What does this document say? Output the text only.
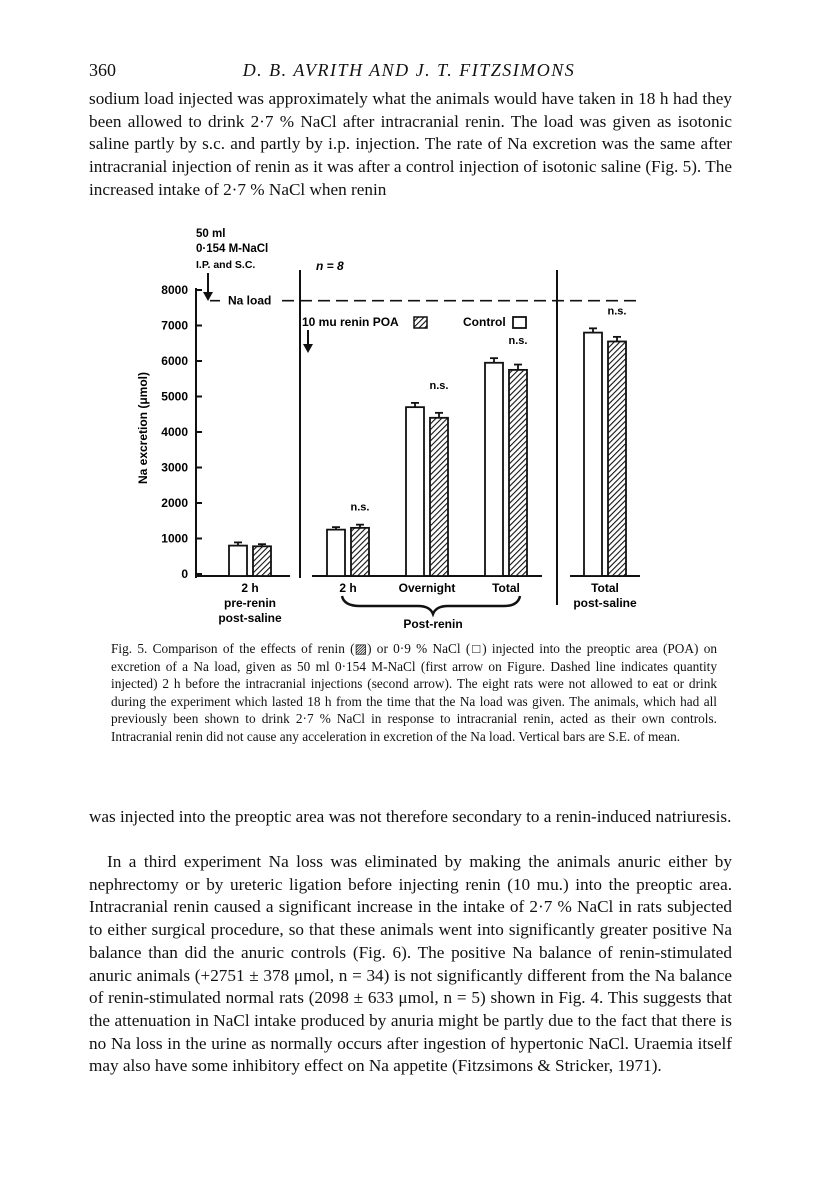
360	D. B. AVRITH AND J. T. FITZSIMONS

sodium load injected was approximately what the animals would have taken in 18 h had they been allowed to drink 2·7 % NaCl after intracranial renin. The load was given as isotonic saline partly by s.c. and partly by i.p. injection. The rate of Na excretion was the same after intracranial injection of renin as it was after a control injection of isotonic saline (Fig. 5). The increased intake of 2·7 % NaCl when renin

50 ml
0·154 M-NaCl
I.P. and S.C.	n = 8
Na load
0
1000
2000
3000
4000
5000
6000
7000
8000
Na excretion (μmol)
10 mu renin POA	Control
2 h
pre-renin
post-saline
n.s.
2 h
n.s.
Overnight
n.s.
Total
n.s.
Total
post-saline
Post-renin

Fig. 5. Comparison of the effects of renin (▨) or 0·9 % NaCl (□) injected into the preoptic area (POA) on excretion of a Na load, given as 50 ml 0·154 M-NaCl (first arrow on Figure. Dashed line indicates quantity injected) 2 h before the intracranial injections (second arrow). The eight rats were not allowed to eat or drink during the experiment which lasted 18 h from the time that the Na load was given. The animals, which had all previously been shown to drink 2·7 % NaCl in response to intracranial renin, acted as their own controls. Intracranial renin did not cause any acceleration in excretion of the Na load. Vertical bars are S.E. of mean.

was injected into the preoptic area was not therefore secondary to a renin-induced natriuresis.

In a third experiment Na loss was eliminated by making the animals anuric either by nephrectomy or by ureteric ligation before injecting renin (10 mu.) into the preoptic area. Intracranial renin caused a significant increase in the intake of 2·7 % NaCl in rats subjected to either surgical procedure, so that these animals went into significantly greater positive Na balance than did the anuric controls (Fig. 6). The positive Na balance of renin-stimulated anuric animals (+2751 ± 378 μmol, n = 34) is not significantly different from the Na balance of renin-stimulated normal rats (2098 ± 633 μmol, n = 5) shown in Fig. 4. This suggests that the attenuation in NaCl intake produced by anuria might be partly due to the fact that there is no Na loss in the urine as normally occurs after ingestion of hypertonic NaCl. Uraemia itself may also have some inhibitory effect on Na appetite (Fitzsimons & Stricker, 1971).
